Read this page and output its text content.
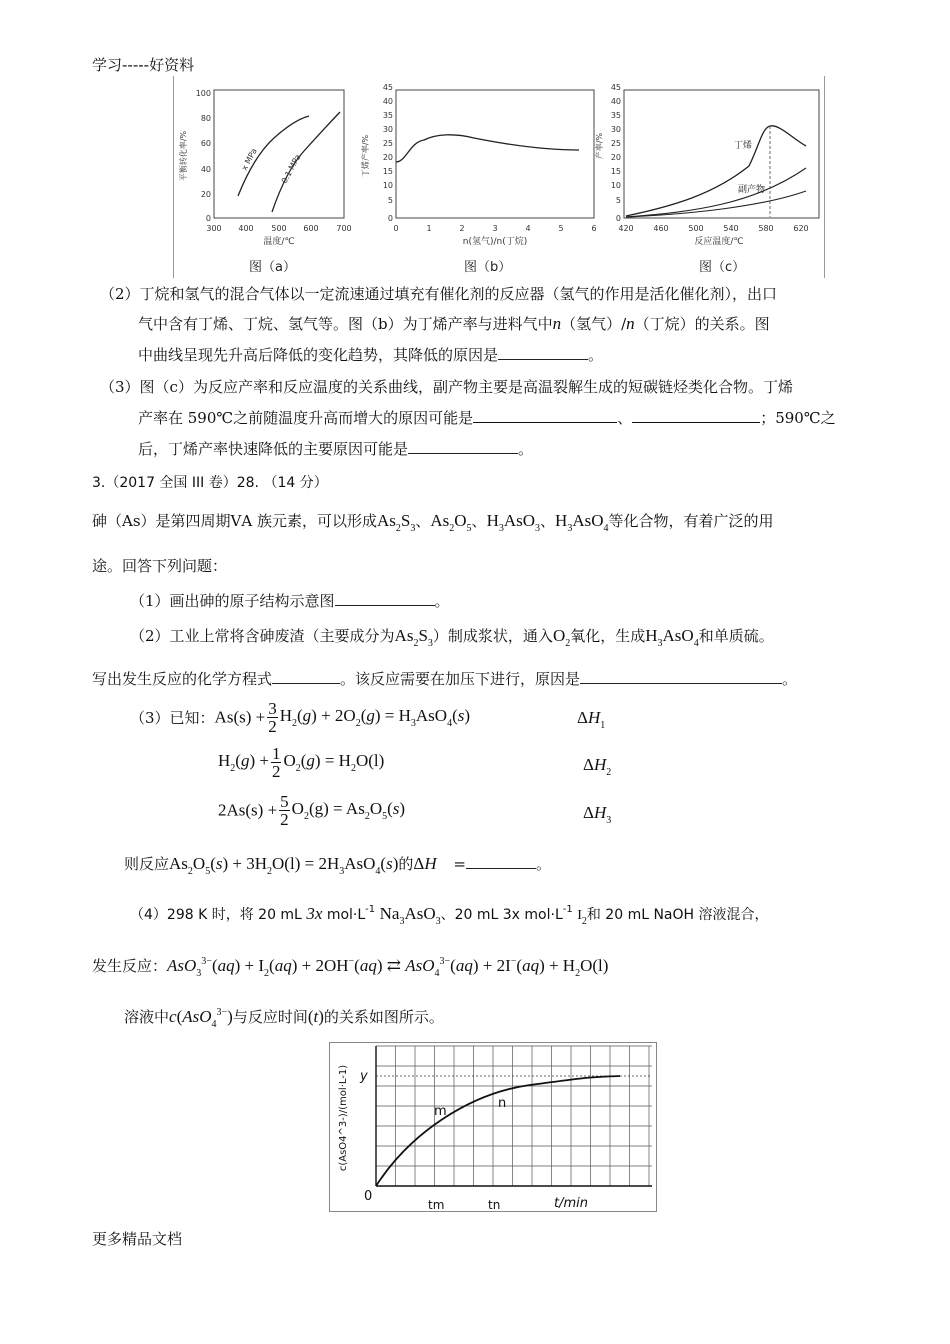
学习-----好资料
100
80
60
40
20
0
300 400 500 600 700
平衡转化率/%
温度/℃
x MPa	0.1 MPa
图（a）
45
40
35
30
25
20
15
10
5
0
0	1	2	3	4	5	6
丁烯产率/%
n(氢气)/n(丁烷)
图（b）
45
40
35
30
25
20
15
10
5
0
420 460 500 540 580 620
产率/%
反应温度/℃
丁烯
副产物
图（c）
（2）丁烷和氢气的混合气体以一定流速通过填充有催化剂的反应器（氢气的作用是活化催化剂），出口
气中含有丁烯、丁烷、氢气等。图（b）为丁烯产率与进料气中n（氢气）/n（丁烷）的关系。图
中曲线呈现先升高后降低的变化趋势，其降低的原因是	。
（3）图（c）为反应产率和反应温度的关系曲线，副产物主要是高温裂解生成的短碳链烃类化合物。丁烯
产率在 590℃之前随温度升高而增大的原因可能是	、	；590℃之
后，丁烯产率快速降低的主要原因可能是	。
3.（2017 全国 III 卷）28. （14 分）
砷（As）是第四周期ⅤA 族元素，可以形成$As_2S_3$、$As_2O_5$、$H_3AsO_3$、$H_3AsO_4$等化合物，有着广泛的用
途。回答下列问题：
（1）画出砷的原子结构示意图	。
（2）工业上常将含砷废渣（主要成分为$As_2S_3$）制成浆状，通入$O_2$氧化，生成$H_3AsO_4$和单质硫。
写出发生反应的化学方程式	。该反应需要在加压下进行，原因是	。
（3）已知：$As(s) + \frac{3}{2} H_2(g) + 2O_2(g) = H_3AsO_4(s)$	$\Delta H_1$
$H_2(g) + \frac{1}{2} O_2(g) = H_2O(l)$	$\Delta H_2$
$2As(s) + \frac{5}{2} O_2(g) = As_2O_5(s)$	$\Delta H_3$
则反应$As_2O_5(s) + 3H_2O(l) = 2H_3AsO_4(s)$的ΔH =	。
（4）298 K 时，将 20 mL 3x $mol\cdot L^{-1}$ $Na_3AsO_3$、20 mL 3x $mol\cdot L^{-1}$ $I_2$和 20 mL NaOH 溶液混合，
发生反应：$AsO_3^{3-}(aq) + I_2(aq) + 2OH^-(aq)$ ⇄ $AsO_4^{3-}(aq) + 2I^-(aq) + H_2O(l)$
溶液中c(AsO$_4^{3-}$)与反应时间(t)的关系如图所示。
y
0
tm	tn	t/min
m
n
c(AsO4^3-)/(mol·L-1)
更多精品文档
